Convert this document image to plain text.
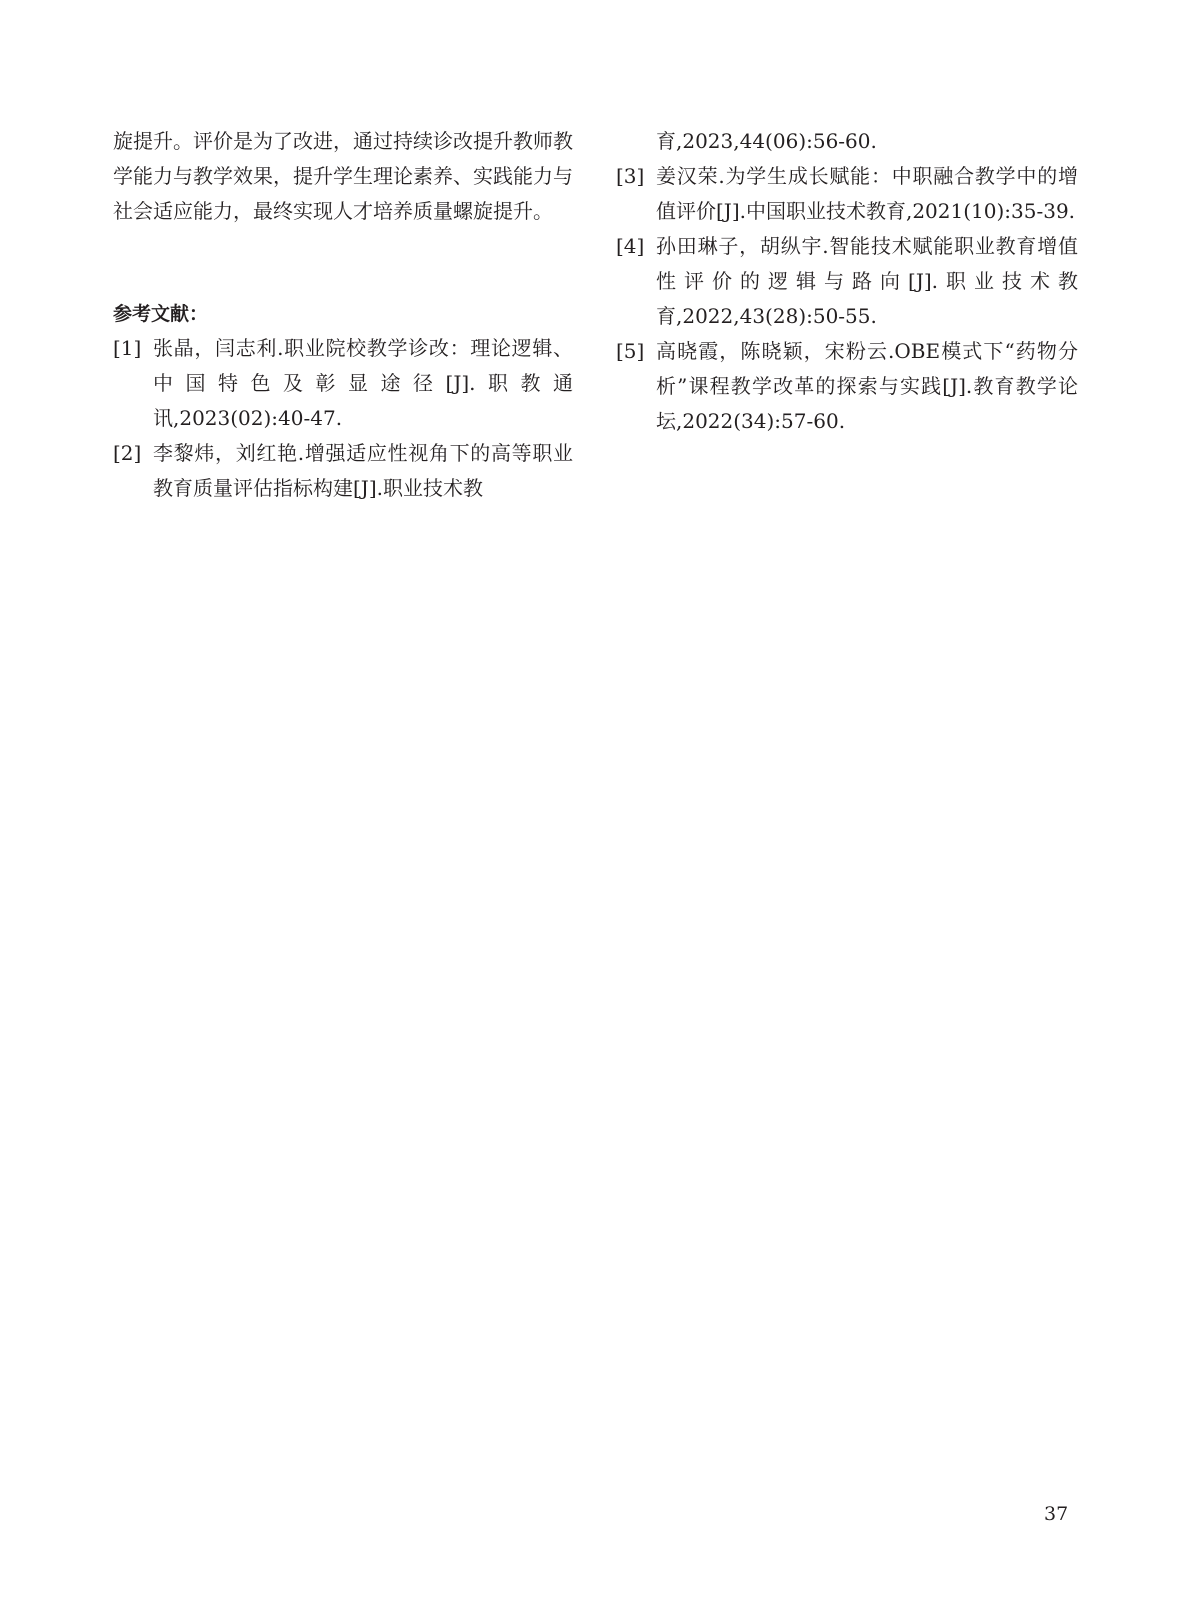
旋提升。评价是为了改进，通过持续诊改提升教师教学能力与教学效果，提升学生理论素养、实践能力与社会适应能力，最终实现人才培养质量螺旋提升。

参考文献：
[1] 张晶，闫志利.职业院校教学诊改：理论逻辑、中国特色及彰显途径[J].职教通讯,2023(02):40-47.
[2] 李黎炜，刘红艳.增强适应性视角下的高等职业教育质量评估指标构建[J].职业技术教

育,2023,44(06):56-60.

[3] 姜汉荣.为学生成长赋能：中职融合教学中的增值评价[J].中国职业技术教育,2021(10):35-39.
[4] 孙田琳子，胡纵宇.智能技术赋能职业教育增值性评价的逻辑与路向[J].职业技术教育,2022,43(28):50-55.
[5] 高晓霞，陈晓颖，宋粉云.OBE模式下“药物分析”课程教学改革的探索与实践[J].教育教学论坛,2022(34):57-60.
37
